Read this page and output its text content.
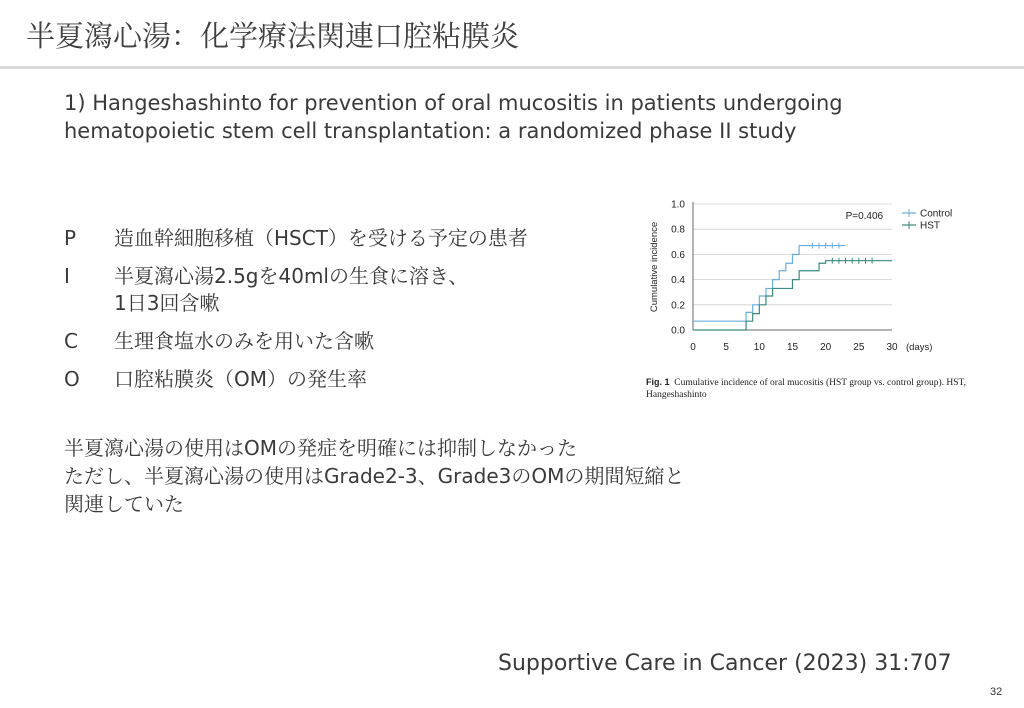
半夏瀉心湯：化学療法関連口腔粘膜炎
1) Hangeshashinto for prevention of oral mucositis in patients undergoing hematopoietic stem cell transplantation: a randomized phase II study
P	造血幹細胞移植（HSCT）を受ける予定の患者
I	半夏瀉心湯2.5gを40mlの生食に溶き、
1日3回含嗽
C	生理食塩水のみを用いた含嗽
O	口腔粘膜炎（OM）の発生率
0.0
0.2
0.4
0.6
0.8
1.0
0	5 10 15 20 25 30 (days)
Cumulative incidence
P=0.406	Control
HST
Fig. 1 Cumulative incidence of oral mucositis (HST group vs. control group). HST, Hangeshashinto
半夏瀉心湯の使用はOMの発症を明確には抑制しなかった
ただし、半夏瀉心湯の使用はGrade2-3、Grade3のOMの期間短縮と
関連していた
Supportive Care in Cancer (2023) 31:707
32
